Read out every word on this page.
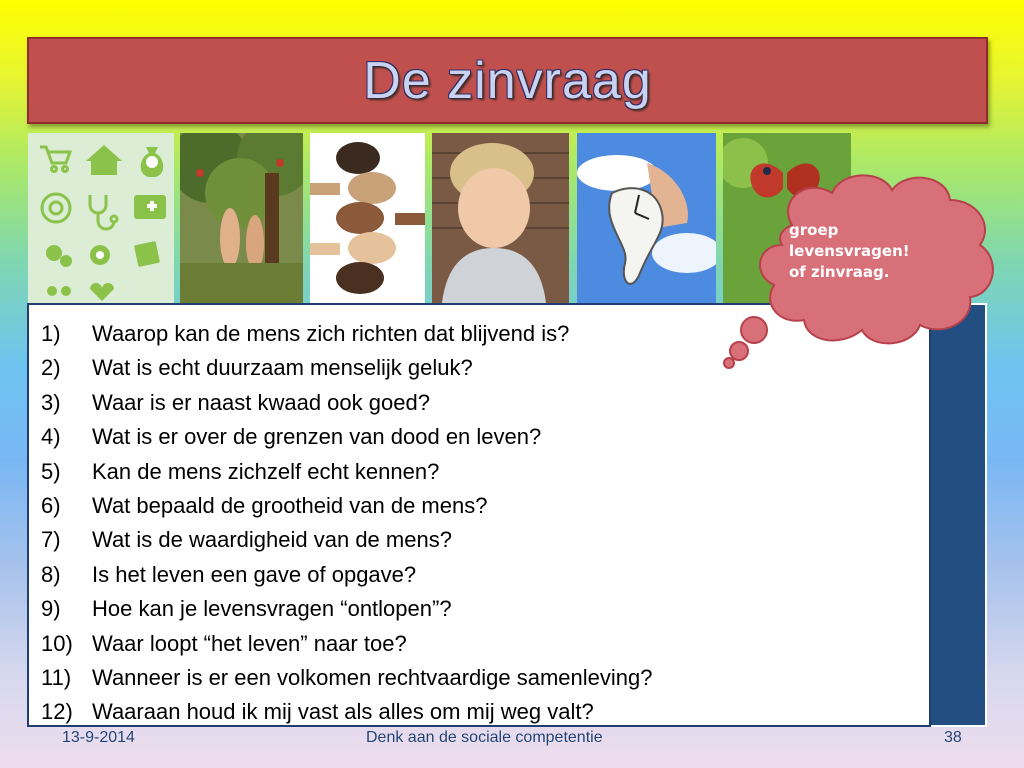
De zinvraag
1)	Waarop kan de mens zich richten dat blijvend is?
2)	Wat is echt duurzaam menselijk geluk?
3)	Waar is er naast kwaad ook goed?
4)	Wat is er over de grenzen van dood en leven?
5)	Kan de mens zichzelf echt kennen?
6)	Wat bepaald de grootheid van de mens?
7)	Wat is de waardigheid van de mens?
8)	Is het leven een gave of opgave?
9)	Hoe kan je levensvragen “ontlopen”?
10) Waar loopt “het leven” naar toe?
11) Wanneer is er een volkomen rechtvaardige samenleving?
12) Waaraan houd ik mij vast als alles om mij weg valt?
groep
levensvragen!
of zinvraag.
13-9-2014	Denk aan de sociale competentie	38
